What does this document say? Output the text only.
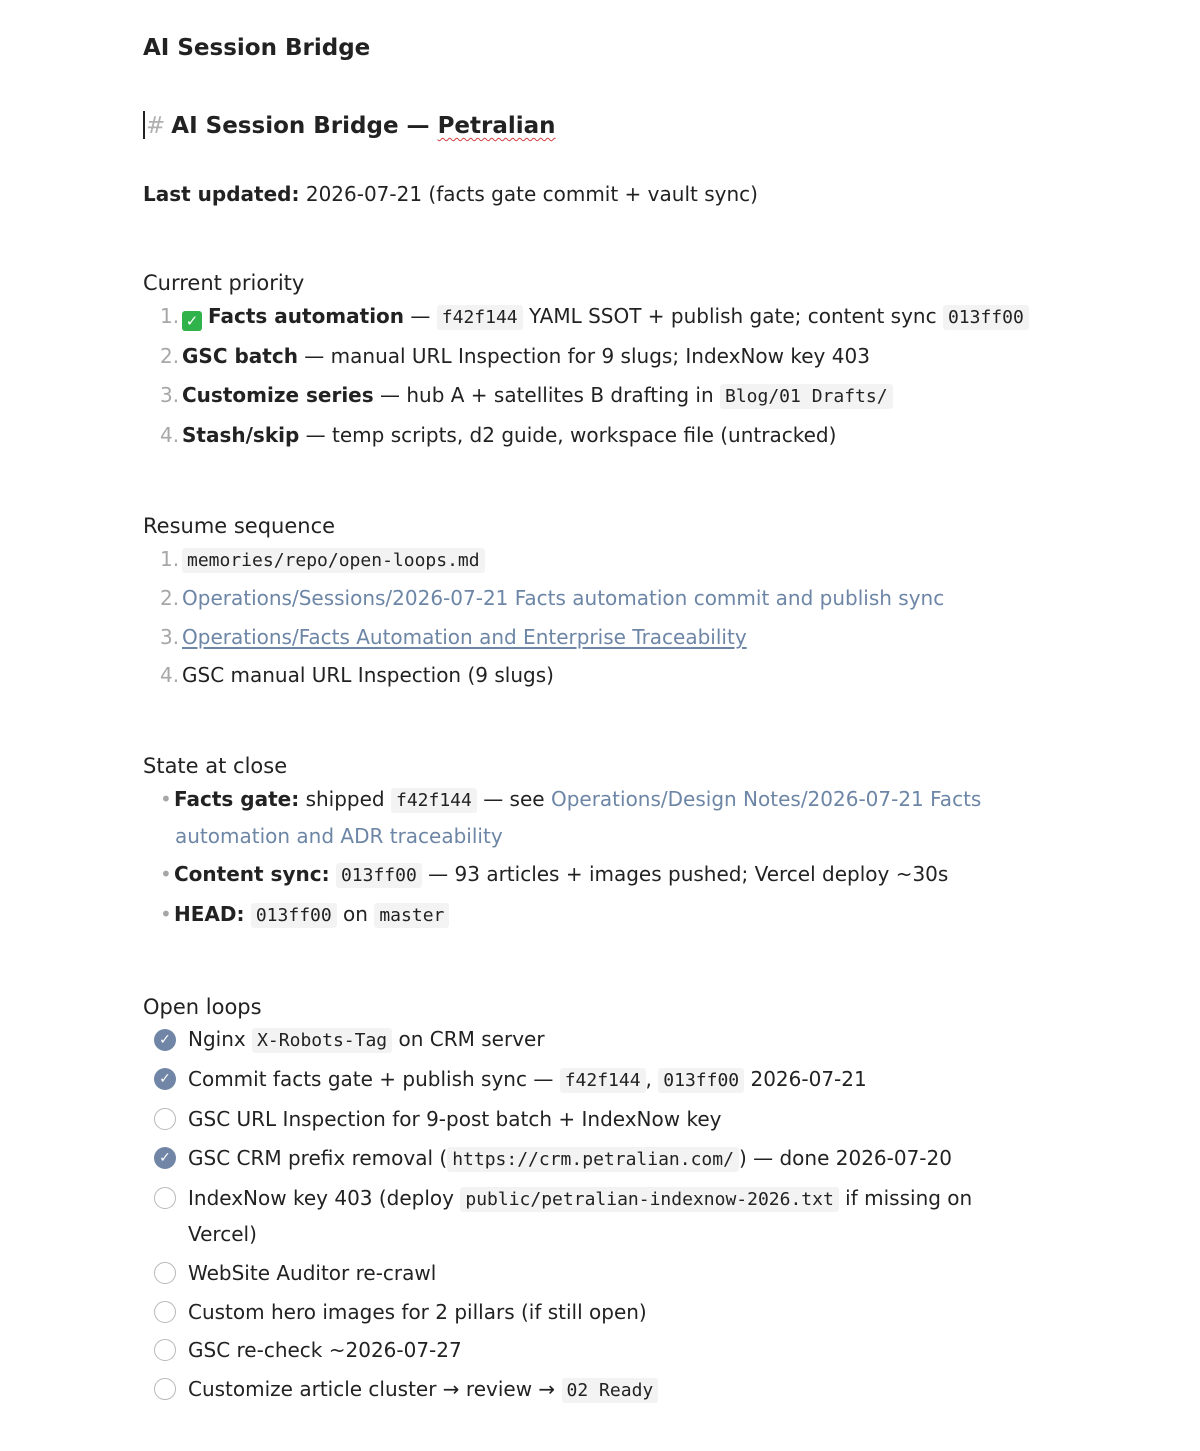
AI Session Bridge
# AI Session Bridge — Petralian
Last updated: 2026-07-21 (facts gate commit + vault sync)
Current priority
1. ✓ Facts automation — f42f144 YAML SSOT + publish gate; content sync 013ff00
2. GSC batch — manual URL Inspection for 9 slugs; IndexNow key 403
3. Customize series — hub A + satellites B drafting in Blog/01 Drafts/
4. Stash/skip — temp scripts, d2 guide, workspace file (untracked)
Resume sequence
1. memories/repo/open-loops.md
2. Operations/Sessions/2026-07-21 Facts automation commit and publish sync
3. Operations/Facts Automation and Enterprise Traceability
4. GSC manual URL Inspection (9 slugs)
State at close
• Facts gate: shipped f42f144 — see Operations/Design Notes/2026-07-21 Facts
automation and ADR traceability
• Content sync: 013ff00 — 93 articles + images pushed; Vercel deploy ~30s
• HEAD: 013ff00 on master
Open loops
✓ Nginx X-Robots-Tag on CRM server
✓ Commit facts gate + publish sync — f42f144 , 013ff00 2026-07-21
GSC URL Inspection for 9-post batch + IndexNow key
✓ GSC CRM prefix removal ( https://crm.petralian.com/ ) — done 2026-07-20
IndexNow key 403 (deploy public/petralian-indexnow-2026.txt if missing on
Vercel)
WebSite Auditor re-crawl
Custom hero images for 2 pillars (if still open)
GSC re-check ~2026-07-27
Customize article cluster → review → 02 Ready
